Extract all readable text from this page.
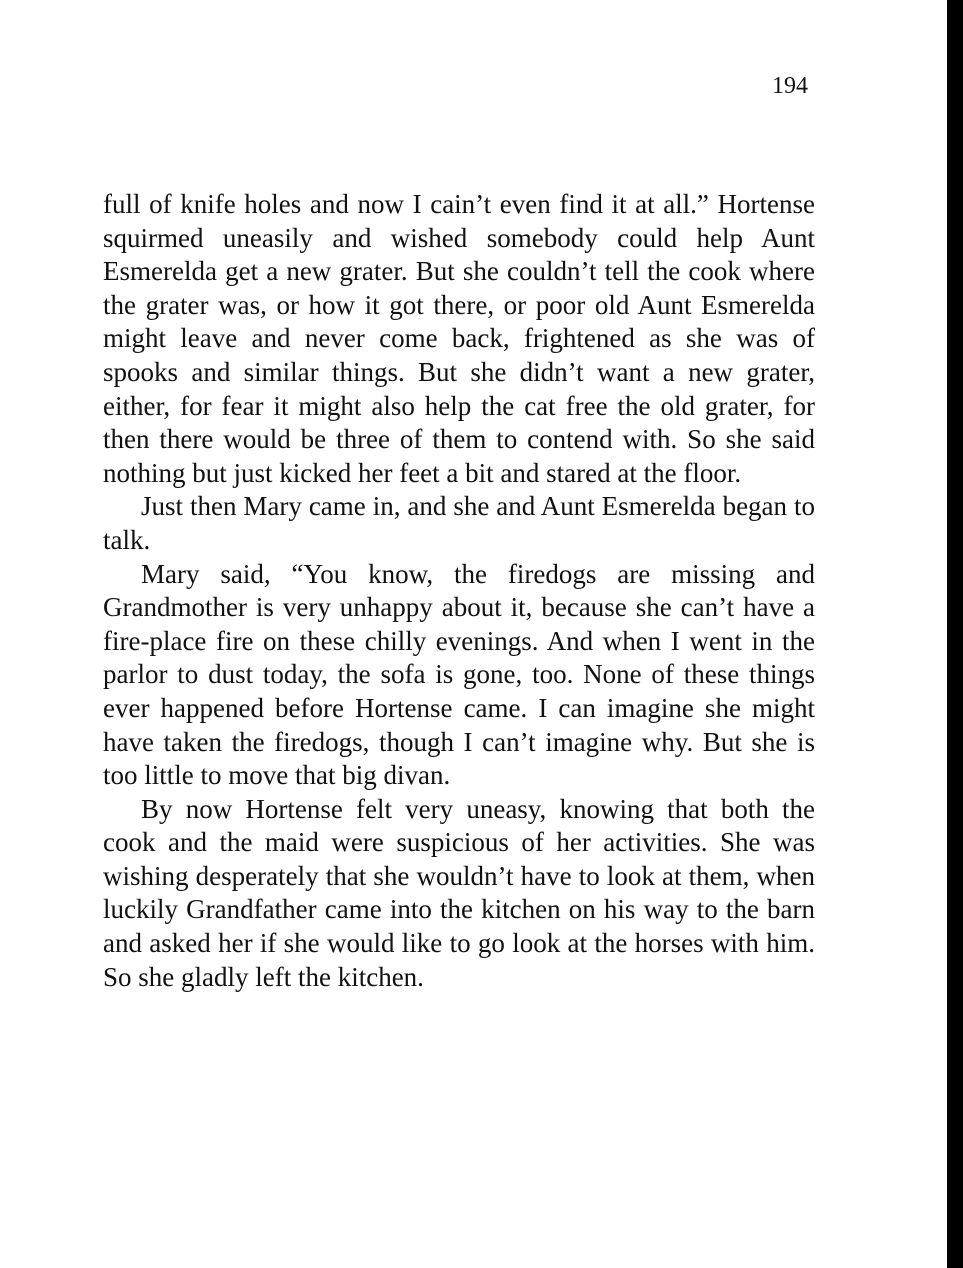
194

full of knife holes and now I cain’t even find it at all.” Hortense squirmed uneasily and wished somebody could help Aunt Esmerelda get a new grater. But she couldn’t tell the cook where the grater was, or how it got there, or poor old Aunt Esmerelda might leave and never come back, frightened as she was of spooks and similar things. But she didn’t want a new grater, either, for fear it might also help the cat free the old grater, for then there would be three of them to contend with. So she said nothing but just kicked her feet a bit and stared at the floor.

Just then Mary came in, and she and Aunt Esmerelda began to talk.

Mary said, “You know, the firedogs are missing and Grandmother is very unhappy about it, because she can’t have a fire-place fire on these chilly evenings. And when I went in the parlor to dust today, the sofa is gone, too. None of these things ever happened before Hortense came. I can imagine she might have taken the firedogs, though I can’t imagine why. But she is too little to move that big divan.

By now Hortense felt very uneasy, knowing that both the cook and the maid were suspicious of her activities. She was wishing desperately that she wouldn’t have to look at them, when luckily Grandfather came into the kitchen on his way to the barn and asked her if she would like to go look at the horses with him. So she gladly left the kitchen.
